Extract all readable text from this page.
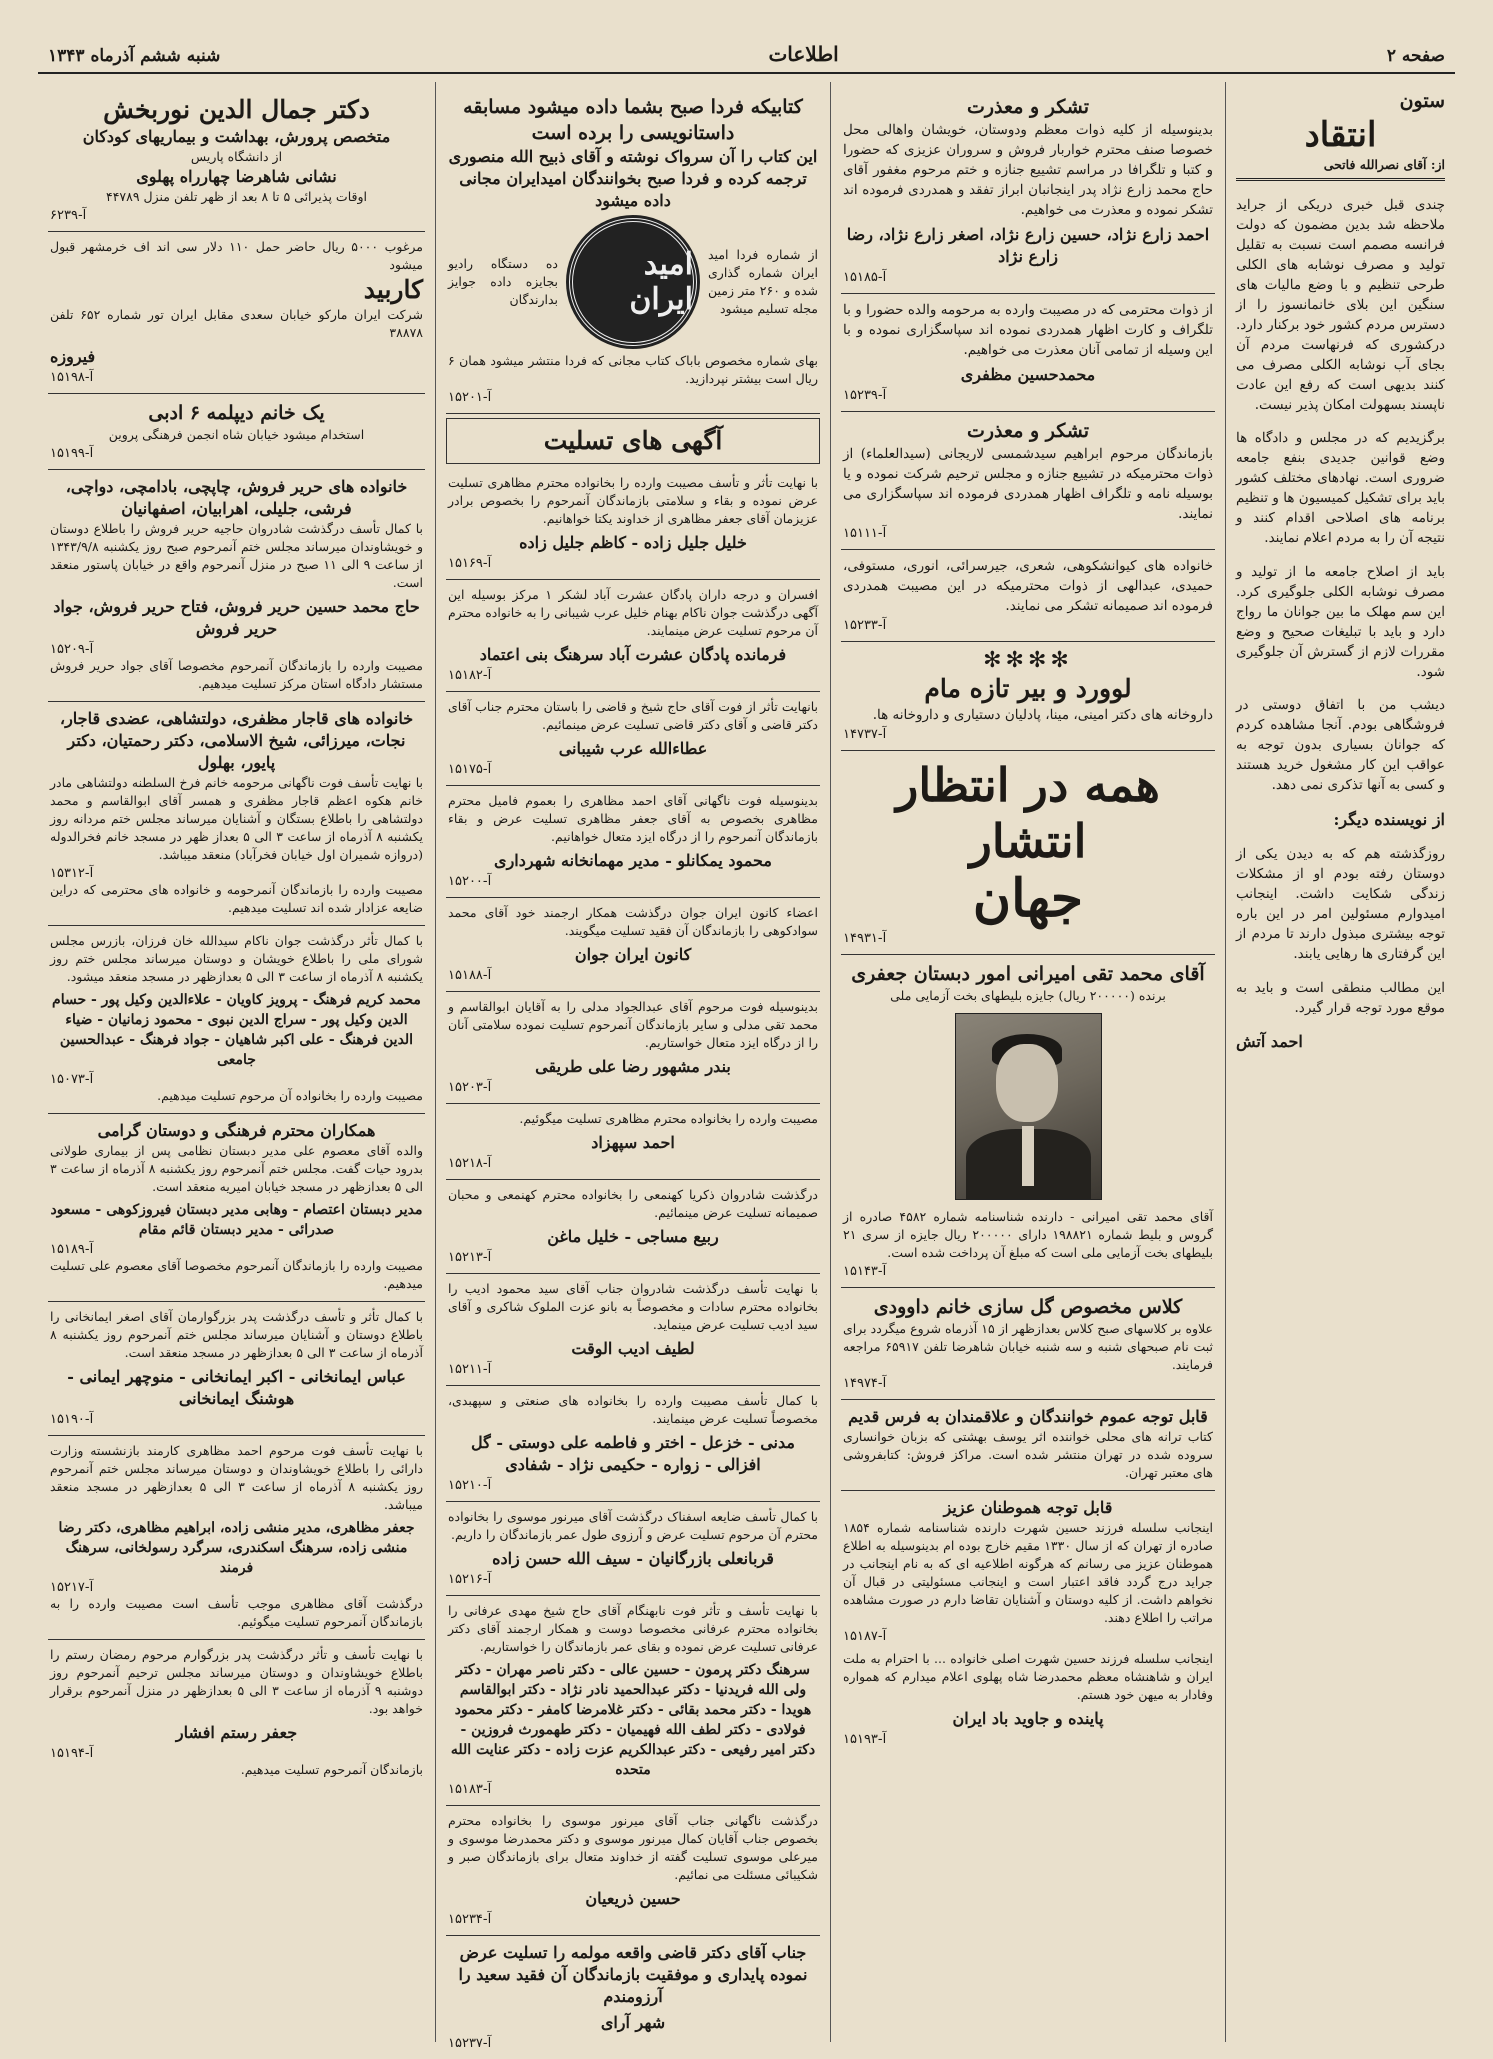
صفحه ۲
اطلاعات
شنبه ششم آذرماه ۱۳۴۳
ستون
انتقاد
از: آقای نصرالله فاتحی

چندی قبل خبری دریکی از جراید ملاحظه شد بدین مضمون که دولت فرانسه مصمم است نسبت به تقلیل تولید و مصرف نوشابه های الکلی طرحی تنظیم و با وضع مالیات های سنگین این بلای خانمانسوز را از دسترس مردم کشور خود برکنار دارد. درکشوری که فرنهاست مردم آن بجای آب نوشابه الکلی مصرف می کنند بدیهی است که رفع این عادت ناپسند بسهولت امکان پذیر نیست.

برگزیدیم که در مجلس و دادگاه ها وضع قوانین جدیدی بنفع جامعه ضروری است. نهادهای مختلف کشور باید برای تشکیل کمیسیون ها و تنظیم برنامه های اصلاحی اقدام کنند و نتیجه آن را به مردم اعلام نمایند.

باید از اصلاح جامعه ما از تولید و مصرف نوشابه الکلی جلوگیری کرد. این سم مهلک ما بین جوانان ما رواج دارد و باید با تبلیغات صحیح و وضع مقررات لازم از گسترش آن جلوگیری شود.

دیشب من با اتفاق دوستی در فروشگاهی بودم. آنجا مشاهده کردم که جوانان بسیاری بدون توجه به عواقب این کار مشغول خرید هستند و کسی به آنها تذکری نمی دهد.

از نویسنده دیگر:

روزگذشته هم که به دیدن یکی از دوستان رفته بودم او از مشکلات زندگی شکایت داشت. اینجانب امیدوارم مسئولین امر در این باره توجه بیشتری مبذول دارند تا مردم از این گرفتاری ها رهایی یابند.

این مطالب منطقی است و باید به موقع مورد توجه قرار گیرد.

احمد آتش
تشکر و معذرت
بدینوسیله از کلیه ذوات معظم ودوستان، خویشان واهالی محل خصوصا صنف محترم خواربار فروش و سروران عزیزی که حضورا و کتبا و تلگرافا در مراسم تشییع جنازه و ختم مرحوم مغفور آقای حاج محمد زارع نژاد پدر اینجانبان ابراز تفقد و همدردی فرموده اند تشکر نموده و معذرت می خواهیم.
احمد زارع نژاد، حسین زارع نژاد، اصغر زارع نژاد، رضا زارع نژاد
آ-۱۵۱۸۵
از ذوات محترمی که در مصیبت وارده به مرحومه والده حضورا و با تلگراف و کارت اظهار همدردی نموده اند سپاسگزاری نموده و با این وسیله از تمامی آنان معذرت می خواهیم.
محمدحسین مظفری
آ-۱۵۲۳۹
تشکر و معذرت
بازماندگان مرحوم ابراهیم سیدشمسی لاریجانی (سیدالعلماء) از ذوات محترمیکه در تشییع جنازه و مجلس ترحیم شرکت نموده و یا بوسیله نامه و تلگراف اظهار همدردی فرموده اند سپاسگزاری می نمایند.
آ-۱۵۱۱۱
خانواده های کیوانشکوهی، شعری، جیرسرائی، انوری، مستوفی، حمیدی، عبدالهی از ذوات محترمیکه در این مصیبت همدردی فرموده اند صمیمانه تشکر می نمایند.
آ-۱۵۲۳۳
✻✻✻✻
لوورد و بیر تازه مام
داروخانه های دکتر امینی، مینا، پادلیان دستیاری و داروخانه ها.
آ-۱۴۷۳۷
همه در انتظار انتشار
جهان
آ-۱۴۹۳۱
آقای محمد تقی امیرانی امور دبستان جعفری
برنده (۲۰۰۰۰۰ ریال) جایزه بلیطهای بخت آزمایی ملی
آقای محمد تقی امیرانی - دارنده شناسنامه شماره ۴۵۸۲ صادره از گروس و بلیط شماره ۱۹۸۸۲۱ دارای ۲۰۰۰۰۰ ریال جایزه از سری ۲۱ بلیطهای بخت آزمایی ملی است که مبلغ آن پرداخت شده است.
آ-۱۵۱۴۳
کلاس مخصوص گل سازی خانم داوودی
علاوه بر کلاسهای صبح کلاس بعدازظهر از ۱۵ آذرماه شروع میگردد برای ثبت نام صبحهای شنبه و سه شنبه خیابان شاهرضا تلفن ۶۵۹۱۷ مراجعه فرمایند.
آ-۱۴۹۷۴
قابل توجه عموم خوانندگان و علاقمندان به فرس قدیم
کتاب ترانه های محلی خواننده اثر یوسف بهشتی که بزبان خوانساری سروده شده در تهران منتشر شده است. مراکز فروش: کتابفروشی های معتبر تهران.
قابل توجه هموطنان عزیز
اینجانب سلسله فرزند حسین شهرت دارنده شناسنامه شماره ۱۸۵۴ صادره از تهران که از سال ۱۳۳۰ مقیم خارج بوده ام بدینوسیله به اطلاع هموطنان عزیز می رسانم که هرگونه اطلاعیه ای که به نام اینجانب در جراید درج گردد فاقد اعتبار است و اینجانب مسئولیتی در قبال آن نخواهم داشت. از کلیه دوستان و آشنایان تقاضا دارم در صورت مشاهده مراتب را اطلاع دهند.
آ-۱۵۱۸۷
اینجانب سلسله فرزند حسین شهرت اصلی خانواده ... با احترام به ملت ایران و شاهنشاه معظم محمدرضا شاه پهلوی اعلام میدارم که همواره وفادار به میهن خود هستم.
پاینده و جاوید باد ایران
آ-۱۵۱۹۳
کتابیکه فردا صبح بشما داده میشود مسابقه داستانویسی را برده است
این کتاب را آن سرواک نوشته و آقای ذبیح الله منصوری ترجمه کرده و فردا صبح بخوانندگان امیدایران مجانی داده میشود
از شماره فردا امید ایران شماره گذاری شده و ۲۶۰ متر زمین مجله تسلیم میشود
امید ایران
ده دستگاه رادیو بجایزه داده جوایز بدارندگان
بهای شماره مخصوص باباک کتاب مجانی که فردا منتشر میشود همان ۶ ریال است بیشتر نپردازید.
آ-۱۵۲۰۱
آگهی های تسلیت
با نهایت تأثر و تأسف مصیبت وارده را بخانواده محترم مظاهری تسلیت عرض نموده و بقاء و سلامتی بازماندگان آنمرحوم را بخصوص برادر عزیزمان آقای جعفر مظاهری از خداوند یکتا خواهانیم.
خلیل جلیل زاده - کاظم جلیل زاده
آ-۱۵۱۶۹
افسران و درجه داران پادگان عشرت آباد لشکر ۱ مرکز بوسیله این آگهی درگذشت جوان ناکام بهنام خلیل عرب شیبانی را به خانواده محترم آن مرحوم تسلیت عرض مینمایند.
فرمانده پادگان عشرت آباد سرهنگ بنی اعتماد
آ-۱۵۱۸۲
بانهایت تأثر از فوت آقای حاج شیخ و قاضی را باستان محترم جناب آقای دکتر قاضی و آقای دکتر قاضی تسلیت عرض مینمائیم.
عطاءالله عرب شیبانی
آ-۱۵۱۷۵
بدینوسیله فوت ناگهانی آقای احمد مظاهری را بعموم فامیل محترم مظاهری بخصوص به آقای جعفر مظاهری تسلیت عرض و بقاء بازماندگان آنمرحوم را از درگاه ایزد متعال خواهانیم.
محمود یمکانلو - مدیر مهمانخانه شهرداری
آ-۱۵۲۰۰
اعضاء کانون ایران جوان درگذشت همکار ارجمند خود آقای محمد سوادکوهی را بازماندگان آن فقید تسلیت میگویند.
کانون ایران جوان
آ-۱۵۱۸۸
بدینوسیله فوت مرحوم آقای عبدالجواد مدلی را به آقایان ابوالقاسم و محمد تقی مدلی و سایر بازماندگان آنمرحوم تسلیت نموده سلامتی آنان را از درگاه ایزد متعال خواستاریم.
بندر مشهور رضا علی طریقی
آ-۱۵۲۰۳
مصیبت وارده را بخانواده محترم مظاهری تسلیت میگوئیم.
احمد سپهزاد
آ-۱۵۲۱۸
درگذشت شادروان ذکریا کهنمعی را بخانواده محترم کهنمعی و محبان صمیمانه تسلیت عرض مینمائیم.
ربیع مساجی - خلیل ماغن
آ-۱۵۲۱۳
با نهایت تأسف درگذشت شادروان جناب آقای سید محمود ادیب را بخانواده محترم سادات و مخصوصاً به بانو عزت الملوک شاکری و آقای سید ادیب تسلیت عرض مینماید.
لطیف ادیب الوقت
آ-۱۵۲۱۱
با کمال تأسف مصیبت وارده را بخانواده های صنعتی و سپهبدی، مخصوصاً تسلیت عرض مینمایند.
مدنی - خزعل - اختر و فاطمه علی دوستی - گل افزالی - زواره - حکیمی نژاد - شفادی
آ-۱۵۲۱۰
با کمال تأسف ضایعه اسفناک درگذشت آقای میرنور موسوی را بخانواده محترم آن مرحوم تسلیت عرض و آرزوی طول عمر بازماندگان را داریم.
قربانعلی بازرگانیان - سیف الله حسن زاده
آ-۱۵۲۱۶
با نهایت تأسف و تأثر فوت نابهنگام آقای حاج شیخ مهدی عرفانی را بخانواده محترم عرفانی مخصوصا دوست و همکار ارجمند آقای دکتر عرفانی تسلیت عرض نموده و بقای عمر بازماندگان را خواستاریم.
سرهنگ دکتر پرمون - حسین عالی - دکتر ناصر مهران - دکتر ولی الله فریدنیا - دکتر عبدالحمید نادر نژاد - دکتر ابوالقاسم هویدا - دکتر محمد بقائی - دکتر غلامرضا کامفر - دکتر محمود فولادی - دکتر لطف الله فهیمیان - دکتر طهمورث فروزین - دکتر امیر رفیعی - دکتر عبدالکریم عزت زاده - دکتر عنایت الله متحده
آ-۱۵۱۸۳
درگذشت ناگهانی جناب آقای میرنور موسوی را بخانواده محترم بخصوص جناب آقایان کمال میرنور موسوی و دکتر محمدرضا موسوی و میرعلی موسوی تسلیت گفته از خداوند متعال برای بازماندگان صبر و شکیبائی مسئلت می نمائیم.
حسین ذریعیان
آ-۱۵۲۳۴
جناب آقای دکتر قاضی واقعه مولمه را تسلیت عرض نموده پایداری و موفقیت بازماندگان آن فقید سعید را آرزومندم
شهر آرای
آ-۱۵۲۳۷
دکتر جمال الدین نوربخش
متخصص پرورش، بهداشت و بیماریهای کودکان
از دانشگاه پاریس
نشانی شاهرضا چهارراه پهلوی
اوقات پذیرائی ۵ تا ۸ بعد از ظهر تلفن منزل ۴۴۷۸۹
آ-۶۲۳۹
مرغوب ۵۰۰۰ ریال حاضر حمل ۱۱۰ دلار سی اند اف خرمشهر قبول میشود
کاربید
شرکت ایران مارکو خیابان سعدی مقابل ایران تور شماره ۶۵۲ تلفن ۳۸۸۷۸
فیروزه
آ-۱۵۱۹۸
یک خانم دیپلمه ۶ ادبی
استخدام میشود خیابان شاه انجمن فرهنگی پروین
آ-۱۵۱۹۹
خانواده های حریر فروش، چاپچی، بادامچی، دواچی، فرشی، جلیلی، اهرابیان، اصفهانیان
با کمال تأسف درگذشت شادروان حاجیه حریر فروش را باطلاع دوستان و خویشاوندان میرساند مجلس ختم آنمرحوم صبح روز یکشنبه ۱۳۴۳/۹/۸ از ساعت ۹ الی ۱۱ صبح در منزل آنمرحوم واقع در خیابان پاستور منعقد است.
حاج محمد حسین حریر فروش، فتاح حریر فروش، جواد حریر فروش
آ-۱۵۲۰۹
مصیبت وارده را بازماندگان آنمرحوم مخصوصا آقای جواد حریر فروش مستشار دادگاه استان مرکز تسلیت میدهیم.
خانواده های قاجار مظفری، دولتشاهی، عضدی قاجار، نجات، میرزائی، شیخ الاسلامی، دکتر رحمتیان، دکتر پایور، بهلول
با نهایت تأسف فوت ناگهانی مرحومه خانم فرخ السلطنه دولتشاهی مادر خانم هکوه اعظم قاجار مظفری و همسر آقای ابوالقاسم و محمد دولتشاهی را باطلاع بستگان و آشنایان میرساند مجلس ختم مردانه روز یکشنبه ۸ آذرماه از ساعت ۳ الی ۵ بعداز ظهر در مسجد خانم فخرالدوله (دروازه شمیران اول خیابان فخرآباد) منعقد میباشد.
آ-۱۵۳۱۲
مصیبت وارده را بازماندگان آنمرحومه و خانواده های محترمی که دراین ضایعه عزادار شده اند تسلیت میدهیم.
با کمال تأثر درگذشت جوان ناکام سیدالله خان فرزان، بازرس مجلس شورای ملی را باطلاع خویشان و دوستان میرساند مجلس ختم روز یکشنبه ۸ آذرماه از ساعت ۳ الی ۵ بعدازظهر در مسجد منعقد میشود.
محمد کریم فرهنگ - پرویز کاویان - علاءالدین وکیل پور - حسام الدین وکیل پور - سراج الدین نبوی - محمود زمانیان - ضیاء الدین فرهنگ - علی اکبر شاهیان - جواد فرهنگ - عبدالحسین جامعی
آ-۱۵۰۷۳
مصیبت وارده را بخانواده آن مرحوم تسلیت میدهیم.
همکاران محترم فرهنگی و دوستان گرامی
والده آقای معصوم علی مدیر دبستان نظامی پس از بیماری طولانی بدرود حیات گفت. مجلس ختم آنمرحوم روز یکشنبه ۸ آذرماه از ساعت ۳ الی ۵ بعدازظهر در مسجد خیابان امیریه منعقد است.
مدیر دبستان اعتصام - وهابی مدیر دبستان فیروزکوهی - مسعود صدرائی - مدیر دبستان قائم مقام
آ-۱۵۱۸۹
مصیبت وارده را بازماندگان آنمرحوم مخصوصا آقای معصوم علی تسلیت میدهیم.
با کمال تأثر و تأسف درگذشت پدر بزرگوارمان آقای اصغر ایمانخانی را باطلاع دوستان و آشنایان میرساند مجلس ختم آنمرحوم روز یکشنبه ۸ آذرماه از ساعت ۳ الی ۵ بعدازظهر در مسجد منعقد است.
عباس ایمانخانی - اکبر ایمانخانی - منوچهر ایمانی - هوشنگ ایمانخانی
آ-۱۵۱۹۰
با نهایت تأسف فوت مرحوم احمد مظاهری کارمند بازنشسته وزارت دارائی را باطلاع خویشاوندان و دوستان میرساند مجلس ختم آنمرحوم روز یکشنبه ۸ آذرماه از ساعت ۳ الی ۵ بعدازظهر در مسجد منعقد میباشد.
جعفر مظاهری، مدیر منشی زاده، ابراهیم مظاهری، دکتر رضا منشی زاده، سرهنگ اسکندری، سرگرد رسولخانی، سرهنگ فرمند
آ-۱۵۲۱۷
درگذشت آقای مظاهری موجب تأسف است مصیبت وارده را به بازماندگان آنمرحوم تسلیت میگوئیم.
با نهایت تأسف و تأثر درگذشت پدر بزرگوارم مرحوم رمضان رستم را باطلاع خویشاوندان و دوستان میرساند مجلس ترحیم آنمرحوم روز دوشنبه ۹ آذرماه از ساعت ۳ الی ۵ بعدازظهر در منزل آنمرحوم برقرار خواهد بود.
جعفر رستم افشار
آ-۱۵۱۹۴
بازماندگان آنمرحوم تسلیت میدهیم.
